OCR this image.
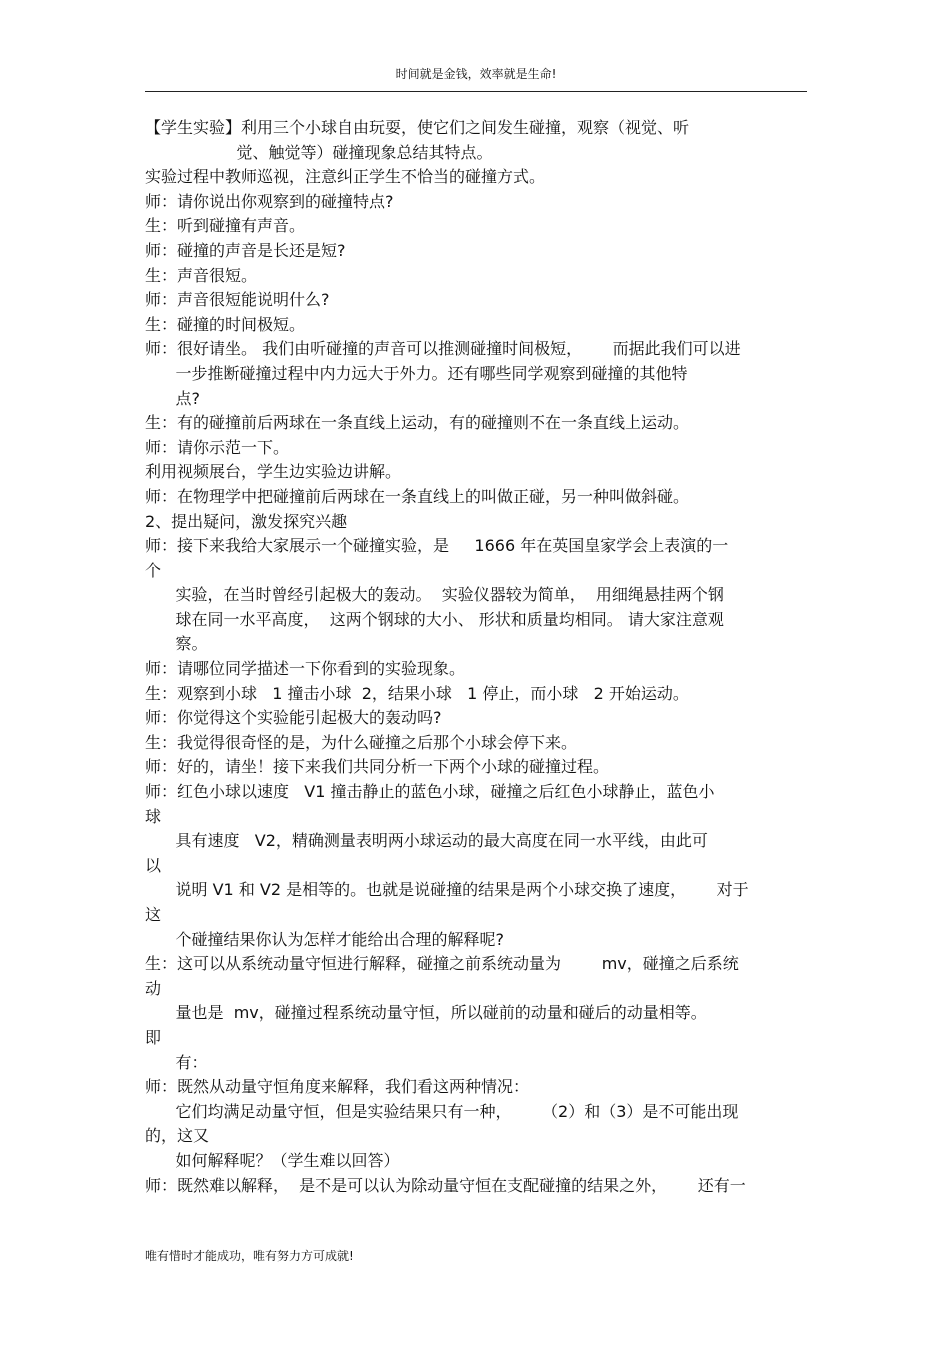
时间就是金钱，效率就是生命!
【学生实验】利用三个小球自由玩耍，使它们之间发生碰撞，观察（视觉、听
觉、触觉等）碰撞现象总结其特点。
实验过程中教师巡视，注意纠正学生不恰当的碰撞方式。
师：请你说出你观察到的碰撞特点?
生：听到碰撞有声音。
师：碰撞的声音是长还是短?
生：声音很短。
师：声音很短能说明什么?
生：碰撞的时间极短。
师：很好请坐。 我们由听碰撞的声音可以推测碰撞时间极短，      而据此我们可以进
一步推断碰撞过程中内力远大于外力。还有哪些同学观察到碰撞的其他特
点?
生：有的碰撞前后两球在一条直线上运动，有的碰撞则不在一条直线上运动。
师：请你示范一下。
利用视频展台，学生边实验边讲解。
师：在物理学中把碰撞前后两球在一条直线上的叫做正碰，另一种叫做斜碰。
2、提出疑问，激发探究兴趣
师：接下来我给大家展示一个碰撞实验，是     1666 年在英国皇家学会上表演的一
个
实验，在当时曾经引起极大的轰动。  实验仪器较为简单，  用细绳悬挂两个钢
球在同一水平高度，  这两个钢球的大小、 形状和质量均相同。 请大家注意观
察。
师：请哪位同学描述一下你看到的实验现象。
生：观察到小球   1 撞击小球  2，结果小球   1 停止，而小球   2 开始运动。
师：你觉得这个实验能引起极大的轰动吗?
生：我觉得很奇怪的是，为什么碰撞之后那个小球会停下来。
师：好的，请坐！接下来我们共同分析一下两个小球的碰撞过程。
师：红色小球以速度   V1 撞击静止的蓝色小球，碰撞之后红色小球静止，蓝色小
球
具有速度   V2，精确测量表明两小球运动的最大高度在同一水平线，由此可
以
说明 V1 和 V2 是相等的。也就是说碰撞的结果是两个小球交换了速度，      对于
这
个碰撞结果你认为怎样才能给出合理的解释呢?
生：这可以从系统动量守恒进行解释，碰撞之前系统动量为        mv，碰撞之后系统
动
量也是  mv，碰撞过程系统动量守恒，所以碰前的动量和碰后的动量相等。
即
有：
师：既然从动量守恒角度来解释，我们看这两种情况：
它们均满足动量守恒，但是实验结果只有一种，      （2）和（3）是不可能出现
的，这又
如何解释呢？（学生难以回答）
师：既然难以解释，  是不是可以认为除动量守恒在支配碰撞的结果之外，      还有一
唯有惜时才能成功，唯有努力方可成就!
